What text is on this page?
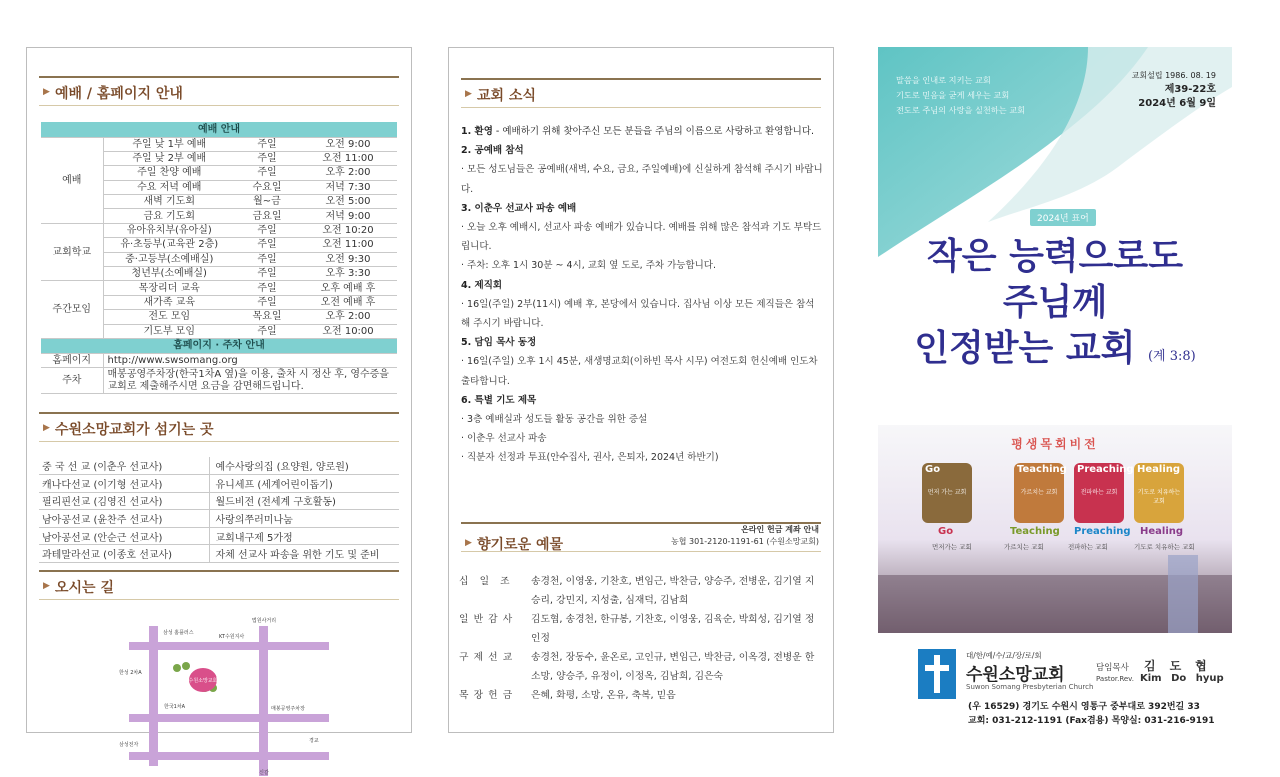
▶ 예배 / 홈페이지 안내
예배 안내			
예배	주일 낮 1부 예배	주일	오전 9:00
	주일 낮 2부 예배	주일	오전 11:00
	주일 찬양 예배	주일	오후 2:00
	수요 저녁 예배	수요일	저녁 7:30
	새벽 기도회	월~금	오전 5:00
	금요 기도회	금요일	저녁 9:00
교회학교	유아유치부(유아실)	주일	오전 10:20
	유·초등부(교육관 2층)	주일	오전 11:00
	중·고등부(소예배실)	주일	오전 9:30
	청년부(소예배실)	주일	오후 3:30
주간모임	목장리더 교육	주일	오후 예배 후
	새가족 교육	주일	오전 예배 후
	전도 모임	목요일	오후 2:00
	기도부 모임	주일	오전 10:00
홈페이지 · 주차 안내			
홈페이지	http://www.swsomang.org		
주차	매봉공영주차장(한국1차A 옆)을 이용, 출차 시 정산 후, 영수증을 교회로 제출해주시면 요금을 감면해드립니다.		
▶ 수원소망교회가 섬기는 곳
중 국 선 교 (이춘우 선교사)	예수사랑의집 (요양원, 양로원)
캐나다선교 (이기형 선교사)	유니세프 (세계어린이돕기)
필리핀선교 (김영진 선교사)	월드비전 (전세계 구호활동)
남아공선교 (윤찬주 선교사)	사랑의쭈러미나눔
남아공선교 (안순근 선교사)	교회내구제 5가정
과테말라선교 (이종호 선교사)	자체 선교사 파송을 위한 기도 및 준비
▶ 오시는 길
수원소망교회
법원사거리
신갈
한성 2차A
삼성전자
경교
KT수원지사
삼성 홈플러스
한국1차A	매봉공영주차장
▶ 교회 소식
1. 환영 - 예배하기 위해 찾아주신 모든 분들을 주님의 이름으로 사랑하고 환영합니다.
2. 공예배 참석
· 모든 성도님들은 공예배(새벽, 수요, 금요, 주일예배)에 신실하게 참석해 주시기 바랍니다.
3. 이춘우 선교사 파송 예배
· 오늘 오후 예배시, 선교사 파송 예배가 있습니다. 예배를 위해 많은 참석과 기도 부탁드립니다.
· 주차: 오후 1시 30분 ~ 4시, 교회 옆 도로, 주차 가능합니다.
4. 제직회
· 16일(주일) 2부(11시) 예배 후, 본당에서 있습니다. 집사님 이상 모든 제직들은 참석해 주시기 바랍니다.
5. 담임 목사 동정
· 16일(주일) 오후 1시 45분, 새생명교회(이하빈 목사 시무) 여전도회 헌신예배 인도차 출타합니다.
6. 특별 기도 제목
· 3층 예배실과 성도들 활동 공간을 위한 증설
· 이춘우 선교사 파송
· 직분자 선정과 투표(안수집사, 권사, 은퇴자, 2024년 하반기)
▶ 향기로운 예물
온라인 헌금 계좌 안내
농협 301-2120-1191-61 (수원소망교회)
십 일 조	송경천, 이영웅, 기찬호, 변임근, 박찬금, 양승주, 전병운, 김기열 지승리, 강민지, 지성출, 심재덕, 김남희
일 반 감 사	김도협, 송경천, 한규봉, 기찬호, 이영웅, 김육순, 박희성, 김기열 정인정
구 제 선 교	송경천, 장동수, 윤온로, 고인규, 변임근, 박찬금, 이옥경, 전병운 한소망, 양승주, 유정이, 이정옥, 김남희, 김은숙
목 장 헌 금	은혜, 화평, 소망, 온유, 축복, 믿음
말씀을 인내로 지키는 교회
기도로 믿음을 굳게 세우는 교회
전도로 주님의 사랑을 실천하는 교회
교회설립 1986. 08. 19
제39-22호
2024년 6월 9일
2024년 표어
작은 능력으로도
주님께
인정받는 교회 (계 3:8)
평생목회비전
Go
먼저 가는 교회
Teaching
가르치는 교회
Preaching
전파하는 교회
Healing
기도로 치유하는 교회
Go
먼저가는 교회
Teaching
가르치는 교회
Preaching
전파하는 교회
Healing
기도로 치유하는 교회
대/한/예/수/교/장/로/회
수원소망교회
Suwon Somang Presbyterian Church
담임목사
Pastor.Rev.
김도협
Kim Do hyup
(우 16529) 경기도 수원시 영통구 중부대로 392번길 33
교회: 031-212-1191 (Fax겸용) 목양실: 031-216-9191
